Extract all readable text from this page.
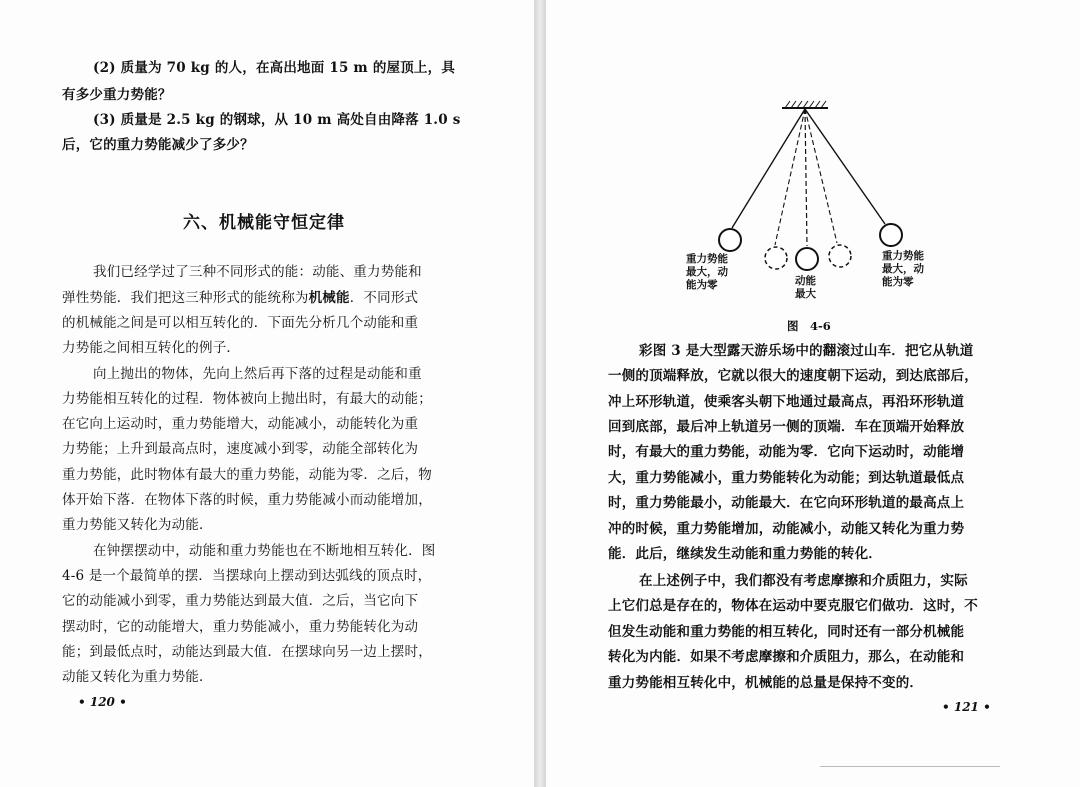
(2) 质量为 70 kg 的人，在高出地面 15 m 的屋顶上，具
有多少重力势能？
(3) 质量是 2.5 kg 的钢球，从 10 m 高处自由降落 1.0 s
后，它的重力势能减少了多少？
六、机械能守恒定律
我们已经学过了三种不同形式的能：动能、重力势能和
弹性势能．我们把这三种形式的能统称为机械能．不同形式
的机械能之间是可以相互转化的．下面先分析几个动能和重
力势能之间相互转化的例子．
向上抛出的物体，先向上然后再下落的过程是动能和重
力势能相互转化的过程．物体被向上抛出时，有最大的动能；
在它向上运动时，重力势能增大，动能减小，动能转化为重
力势能；上升到最高点时，速度减小到零，动能全部转化为
重力势能，此时物体有最大的重力势能，动能为零．之后，物
体开始下落．在物体下落的时候，重力势能减小而动能增加，
重力势能又转化为动能．
在钟摆摆动中，动能和重力势能也在不断地相互转化．图
4-6 是一个最简单的摆．当摆球向上摆动到达弧线的顶点时，
它的动能减小到零，重力势能达到最大值．之后，当它向下
摆动时，它的动能增大，重力势能减小，重力势能转化为动
能；到最低点时，动能达到最大值．在摆球向另一边上摆时，
动能又转化为重力势能．
• 120 •
重力势能
最大，动
能为零	动能
最大
重力势能
最大，动
能为零
图　4-6
彩图 3 是大型露天游乐场中的翻滚过山车．把它从轨道
一侧的顶端释放，它就以很大的速度朝下运动，到达底部后，
冲上环形轨道，使乘客头朝下地通过最高点，再沿环形轨道
回到底部，最后冲上轨道另一侧的顶端．车在顶端开始释放
时，有最大的重力势能，动能为零．它向下运动时，动能增
大，重力势能减小，重力势能转化为动能；到达轨道最低点
时，重力势能最小，动能最大．在它向环形轨道的最高点上
冲的时候，重力势能增加，动能减小，动能又转化为重力势
能．此后，继续发生动能和重力势能的转化．
在上述例子中，我们都没有考虑摩擦和介质阻力，实际
上它们总是存在的，物体在运动中要克服它们做功．这时，不
但发生动能和重力势能的相互转化，同时还有一部分机械能
转化为内能．如果不考虑摩擦和介质阻力，那么，在动能和
重力势能相互转化中，机械能的总量是保持不变的．
• 121 •
